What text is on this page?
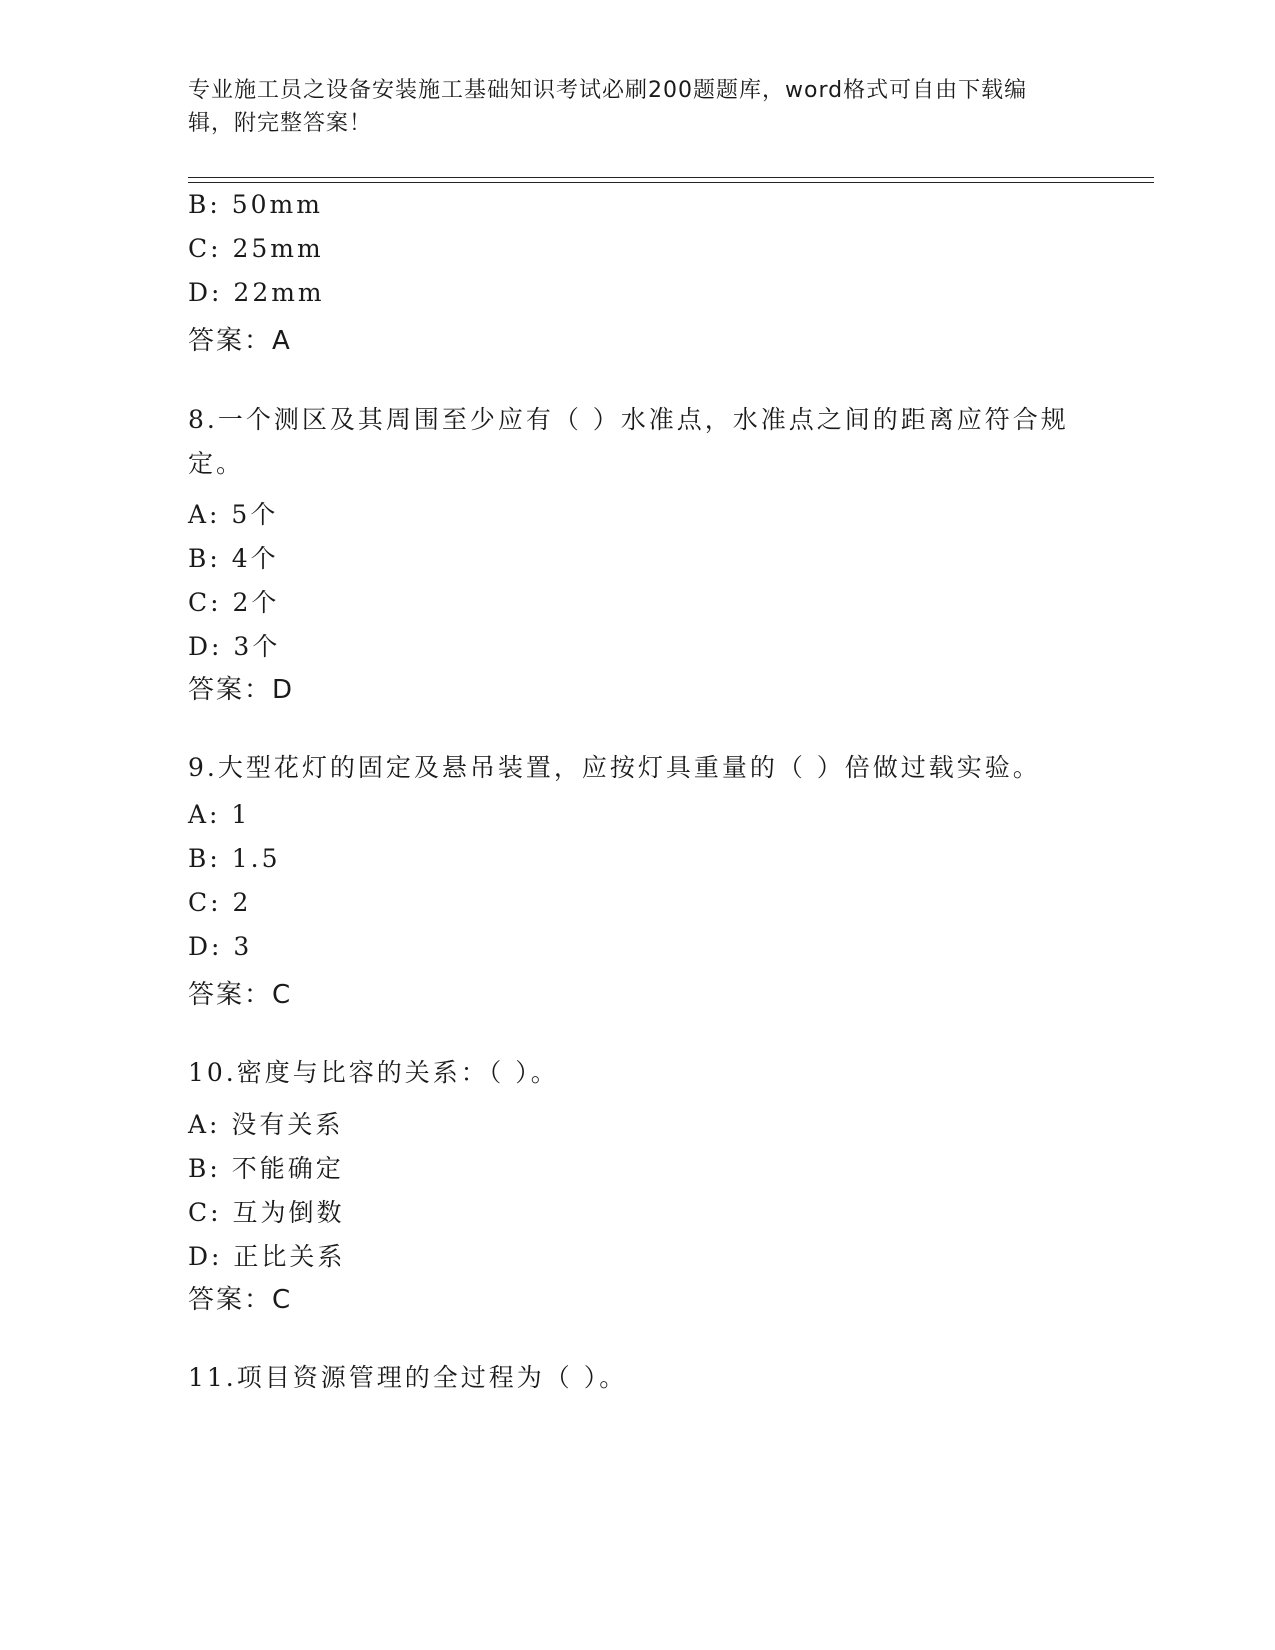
专业施工员之设备安装施工基础知识考试必刷200题题库，word格式可自由下载编辑，附完整答案！
B: 50mm
C: 25mm
D: 22mm
答案：A
8.一个测区及其周围至少应有（ ）水准点，水准点之间的距离应符合规定。
A: 5个
B: 4个
C: 2个
D: 3个
答案：D
9.大型花灯的固定及悬吊装置，应按灯具重量的（ ）倍做过载实验。
A: 1
B: 1.5
C: 2
D: 3
答案：C
10.密度与比容的关系：（ ）。
A: 没有关系
B: 不能确定
C: 互为倒数
D: 正比关系
答案：C
11.项目资源管理的全过程为（ ）。
